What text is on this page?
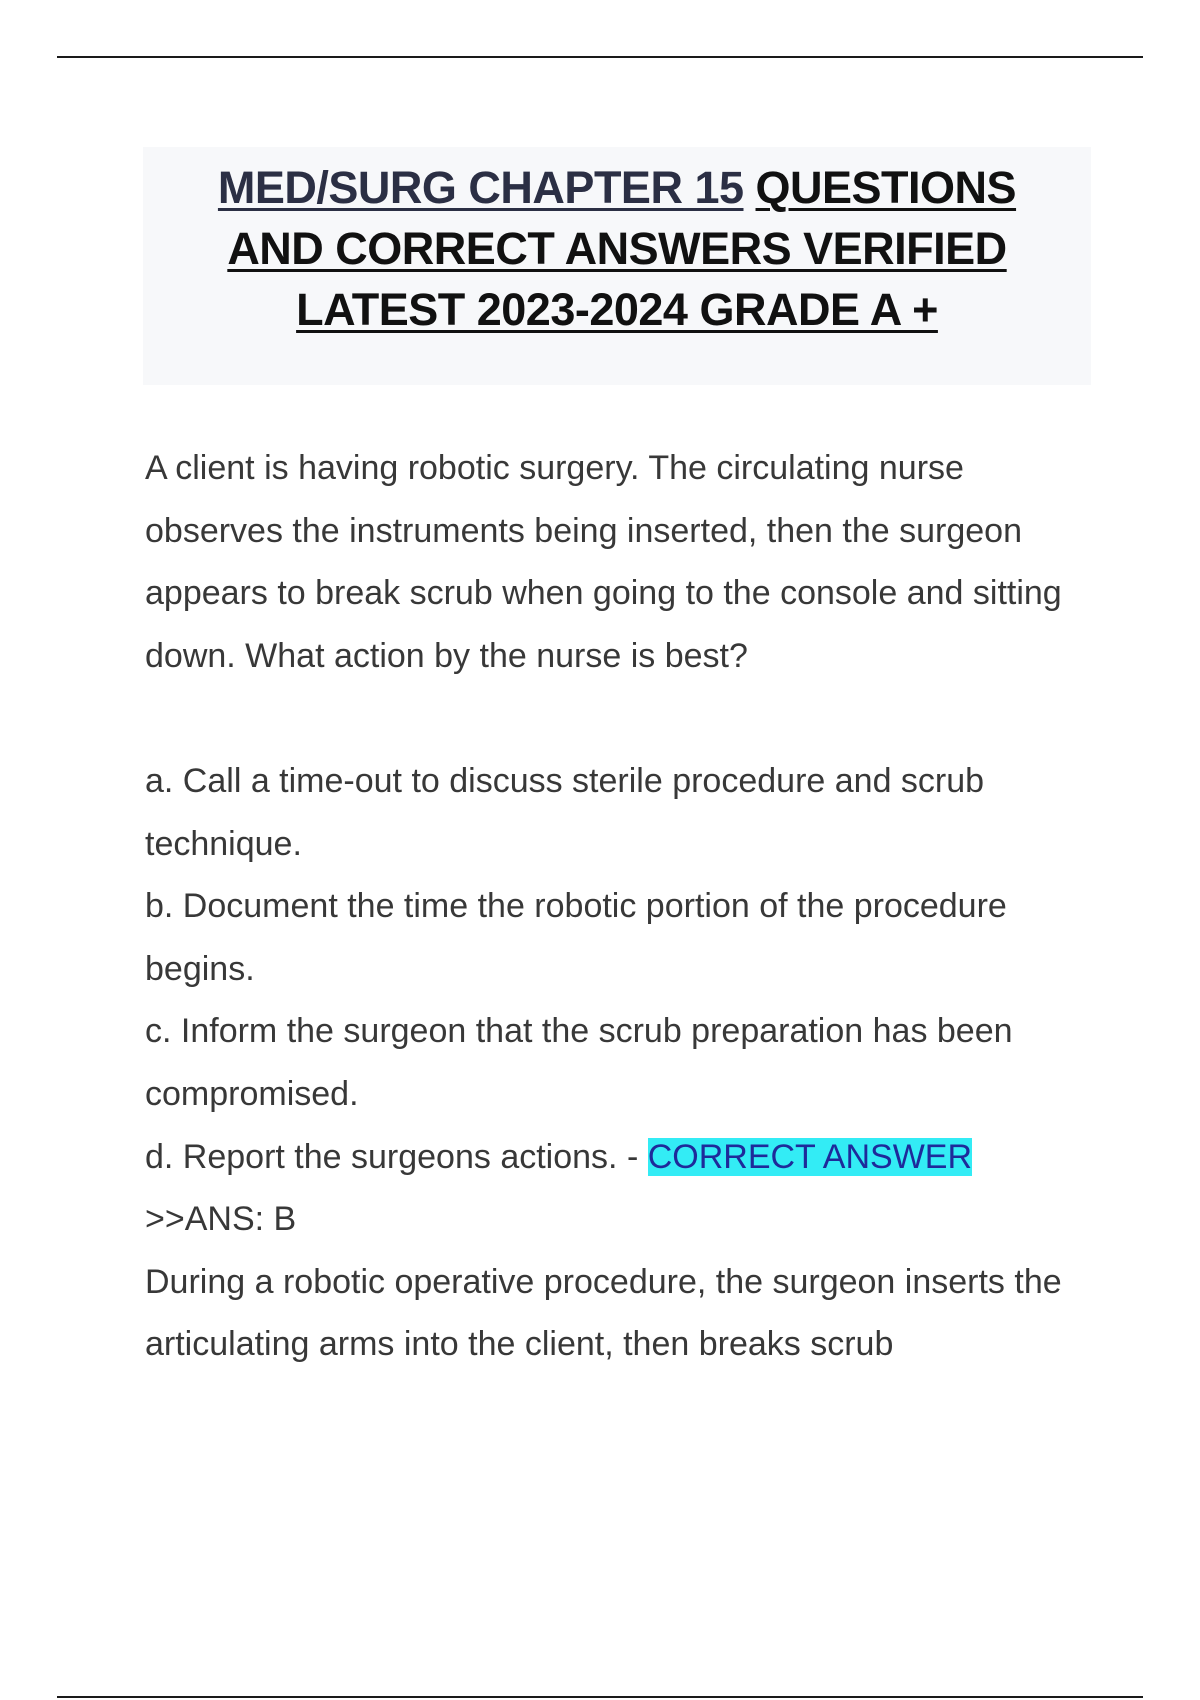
MED/SURG CHAPTER 15 QUESTIONS
AND CORRECT ANSWERS VERIFIED
LATEST 2023-2024 GRADE A +

A client is having robotic surgery. The circulating nurse observes the instruments being inserted, then the surgeon appears to break scrub when going to the console and sitting down. What action by the nurse is best?

a. Call a time-out to discuss sterile procedure and scrub technique.

b. Document the time the robotic portion of the procedure begins.

c. Inform the surgeon that the scrub preparation has been compromised.

d. Report the surgeons actions. - CORRECT ANSWER

>>ANS: B

During a robotic operative procedure, the surgeon inserts the articulating arms into the client, then breaks scrub
